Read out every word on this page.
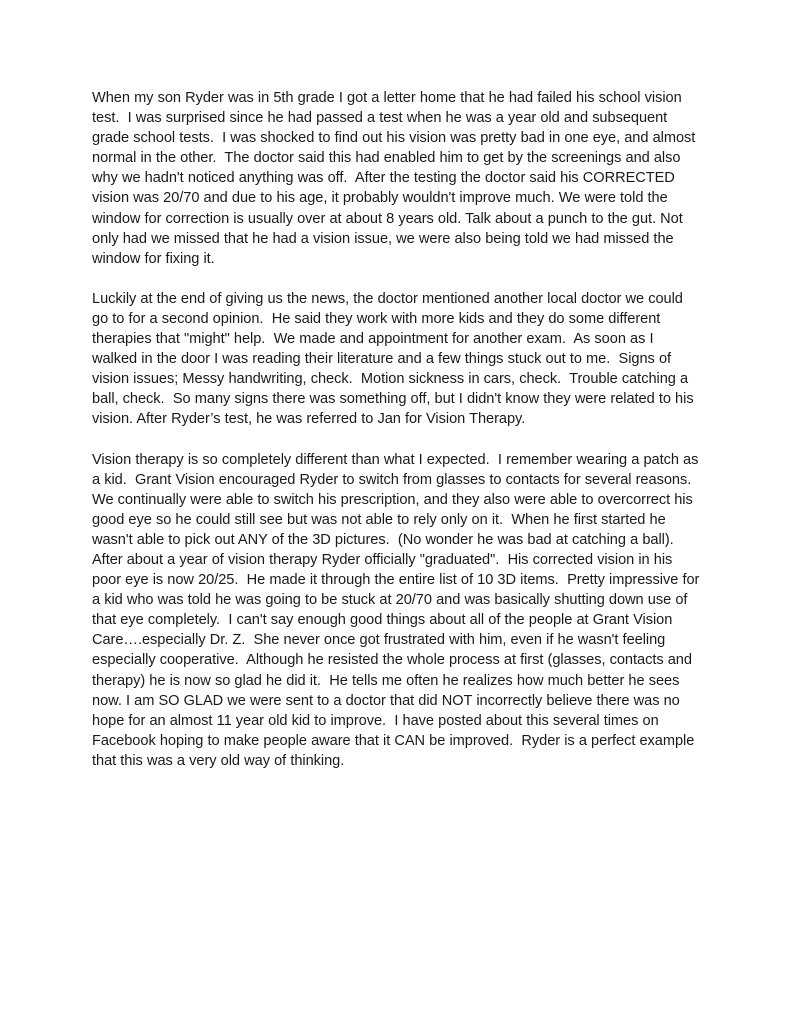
When my son Ryder was in 5th grade I got a letter home that he had failed his school vision test.  I was surprised since he had passed a test when he was a year old and subsequent grade school tests.  I was shocked to find out his vision was pretty bad in one eye, and almost normal in the other.  The doctor said this had enabled him to get by the screenings and also why we hadn't noticed anything was off.  After the testing the doctor said his CORRECTED vision was 20/70 and due to his age, it probably wouldn't improve much. We were told the window for correction is usually over at about 8 years old. Talk about a punch to the gut. Not only had we missed that he had a vision issue, we were also being told we had missed the window for fixing it.

Luckily at the end of giving us the news, the doctor mentioned another local doctor we could go to for a second opinion.  He said they work with more kids and they do some different therapies that "might" help.  We made and appointment for another exam.  As soon as I walked in the door I was reading their literature and a few things stuck out to me.  Signs of vision issues; Messy handwriting, check.  Motion sickness in cars, check.  Trouble catching a ball, check.  So many signs there was something off, but I didn't know they were related to his vision. After Ryder’s test, he was referred to Jan for Vision Therapy.

Vision therapy is so completely different than what I expected.  I remember wearing a patch as a kid.  Grant Vision encouraged Ryder to switch from glasses to contacts for several reasons.  We continually were able to switch his prescription, and they also were able to overcorrect his good eye so he could still see but was not able to rely only on it.  When he first started he wasn't able to pick out ANY of the 3D pictures.  (No wonder he was bad at catching a ball).  After about a year of vision therapy Ryder officially "graduated".  His corrected vision in his poor eye is now 20/25.  He made it through the entire list of 10 3D items.  Pretty impressive for a kid who was told he was going to be stuck at 20/70 and was basically shutting down use of that eye completely.  I can't say enough good things about all of the people at Grant Vision Care….especially Dr. Z.  She never once got frustrated with him, even if he wasn't feeling especially cooperative.  Although he resisted the whole process at first (glasses, contacts and therapy) he is now so glad he did it.  He tells me often he realizes how much better he sees now. I am SO GLAD we were sent to a doctor that did NOT incorrectly believe there was no hope for an almost 11 year old kid to improve.  I have posted about this several times on Facebook hoping to make people aware that it CAN be improved.  Ryder is a perfect example that this was a very old way of thinking.
